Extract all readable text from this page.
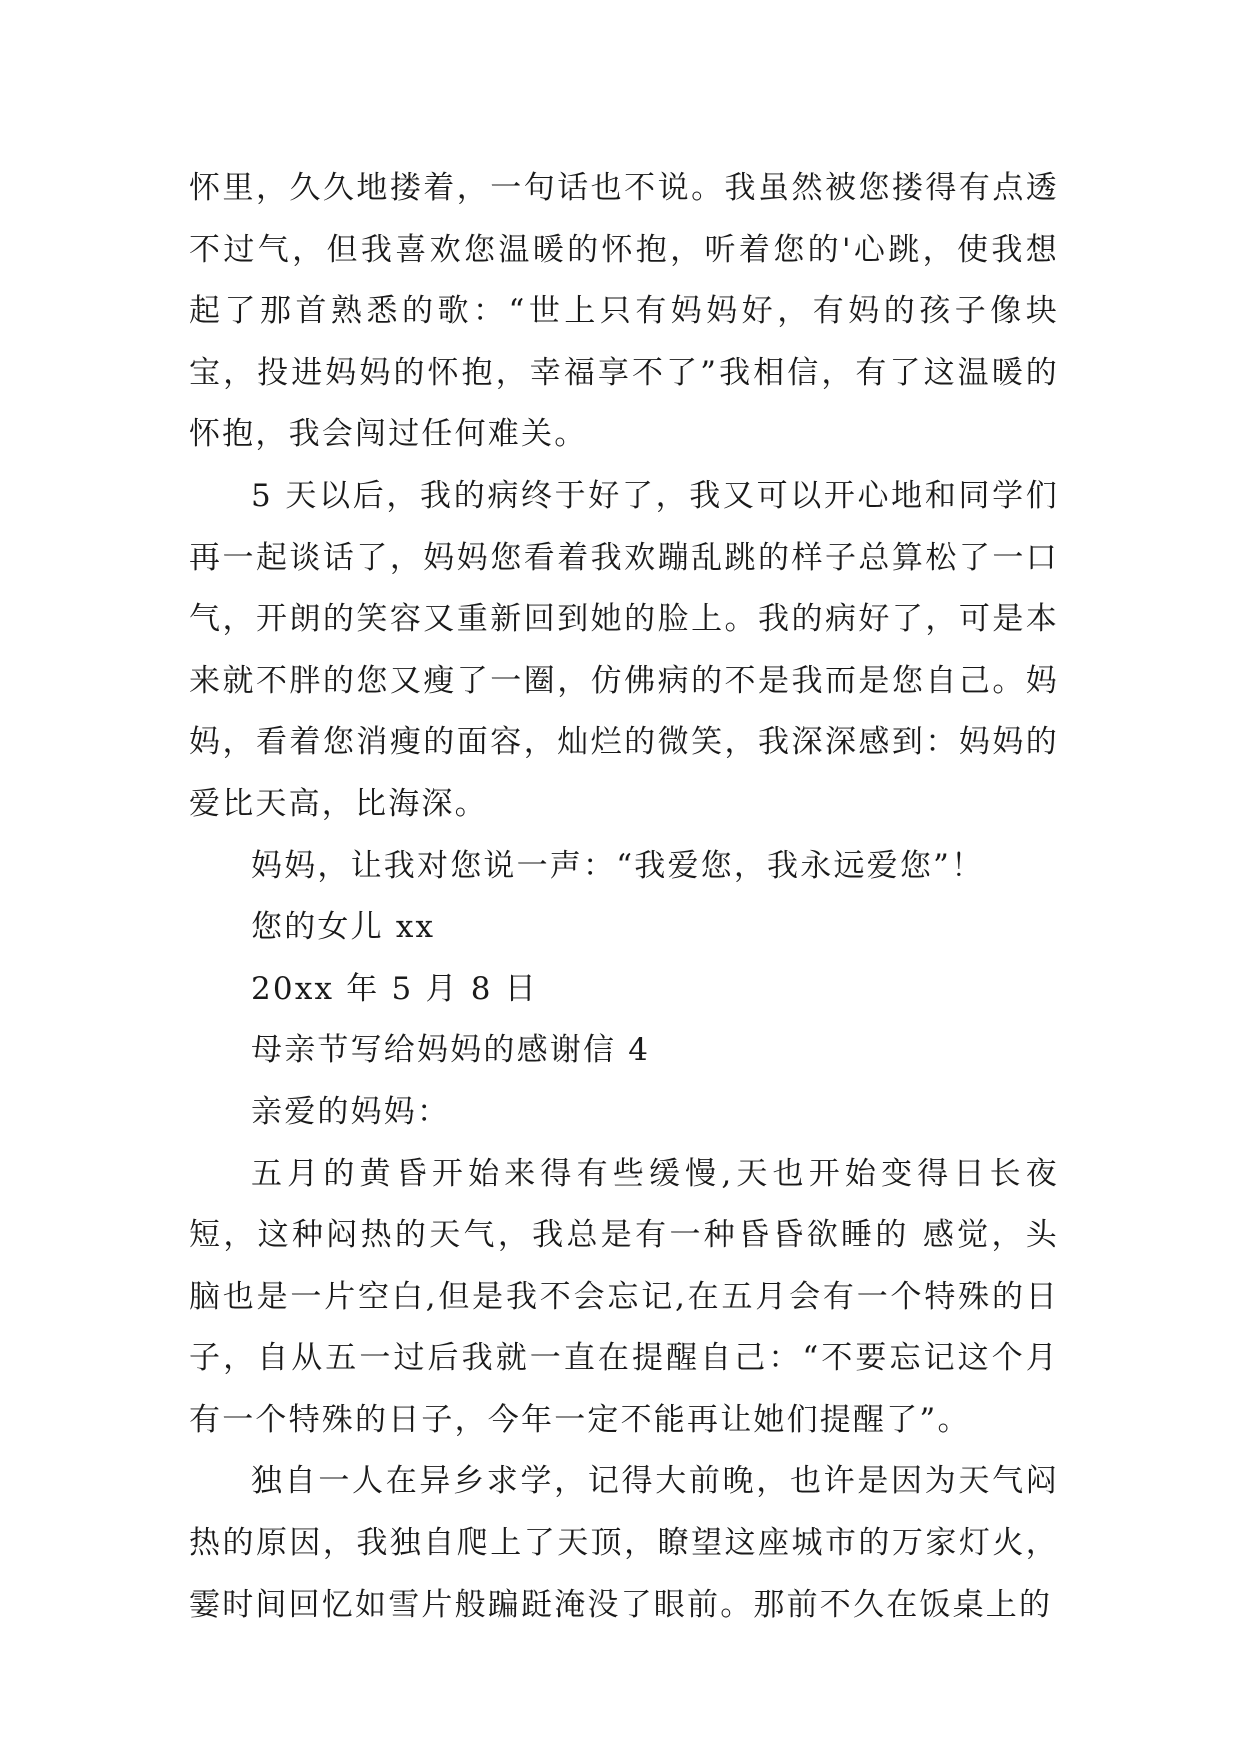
怀里，久久地搂着，一句话也不说。我虽然被您搂得有点透不过气，但我喜欢您温暖的怀抱，听着您的'心跳，使我想起了那首熟悉的歌：“世上只有妈妈好，有妈的孩子像块宝，投进妈妈的怀抱，幸福享不了”我相信，有了这温暖的怀抱，我会闯过任何难关。

5 天以后，我的病终于好了，我又可以开心地和同学们再一起谈话了，妈妈您看着我欢蹦乱跳的样子总算松了一口气，开朗的笑容又重新回到她的脸上。我的病好了，可是本来就不胖的您又瘦了一圈，仿佛病的不是我而是您自己。妈妈，看着您消瘦的面容，灿烂的微笑，我深深感到：妈妈的爱比天高，比海深。

妈妈，让我对您说一声：“我爱您，我永远爱您”！

您的女儿 xx

20xx 年 5 月 8 日

母亲节写给妈妈的感谢信 4

亲爱的妈妈：

五月的黄昏开始来得有些缓慢,天也开始变得日长夜短，这种闷热的天气，我总是有一种昏昏欲睡的 感觉，头脑也是一片空白,但是我不会忘记,在五月会有一个特殊的日子，自从五一过后我就一直在提醒自己：“不要忘记这个月有一个特殊的日子，今年一定不能再让她们提醒了”。

独自一人在异乡求学，记得大前晚，也许是因为天气闷热的原因，我独自爬上了天顶，瞭望这座城市的万家灯火，霎时间回忆如雪片般蹁跹淹没了眼前。那前不久在饭桌上的
